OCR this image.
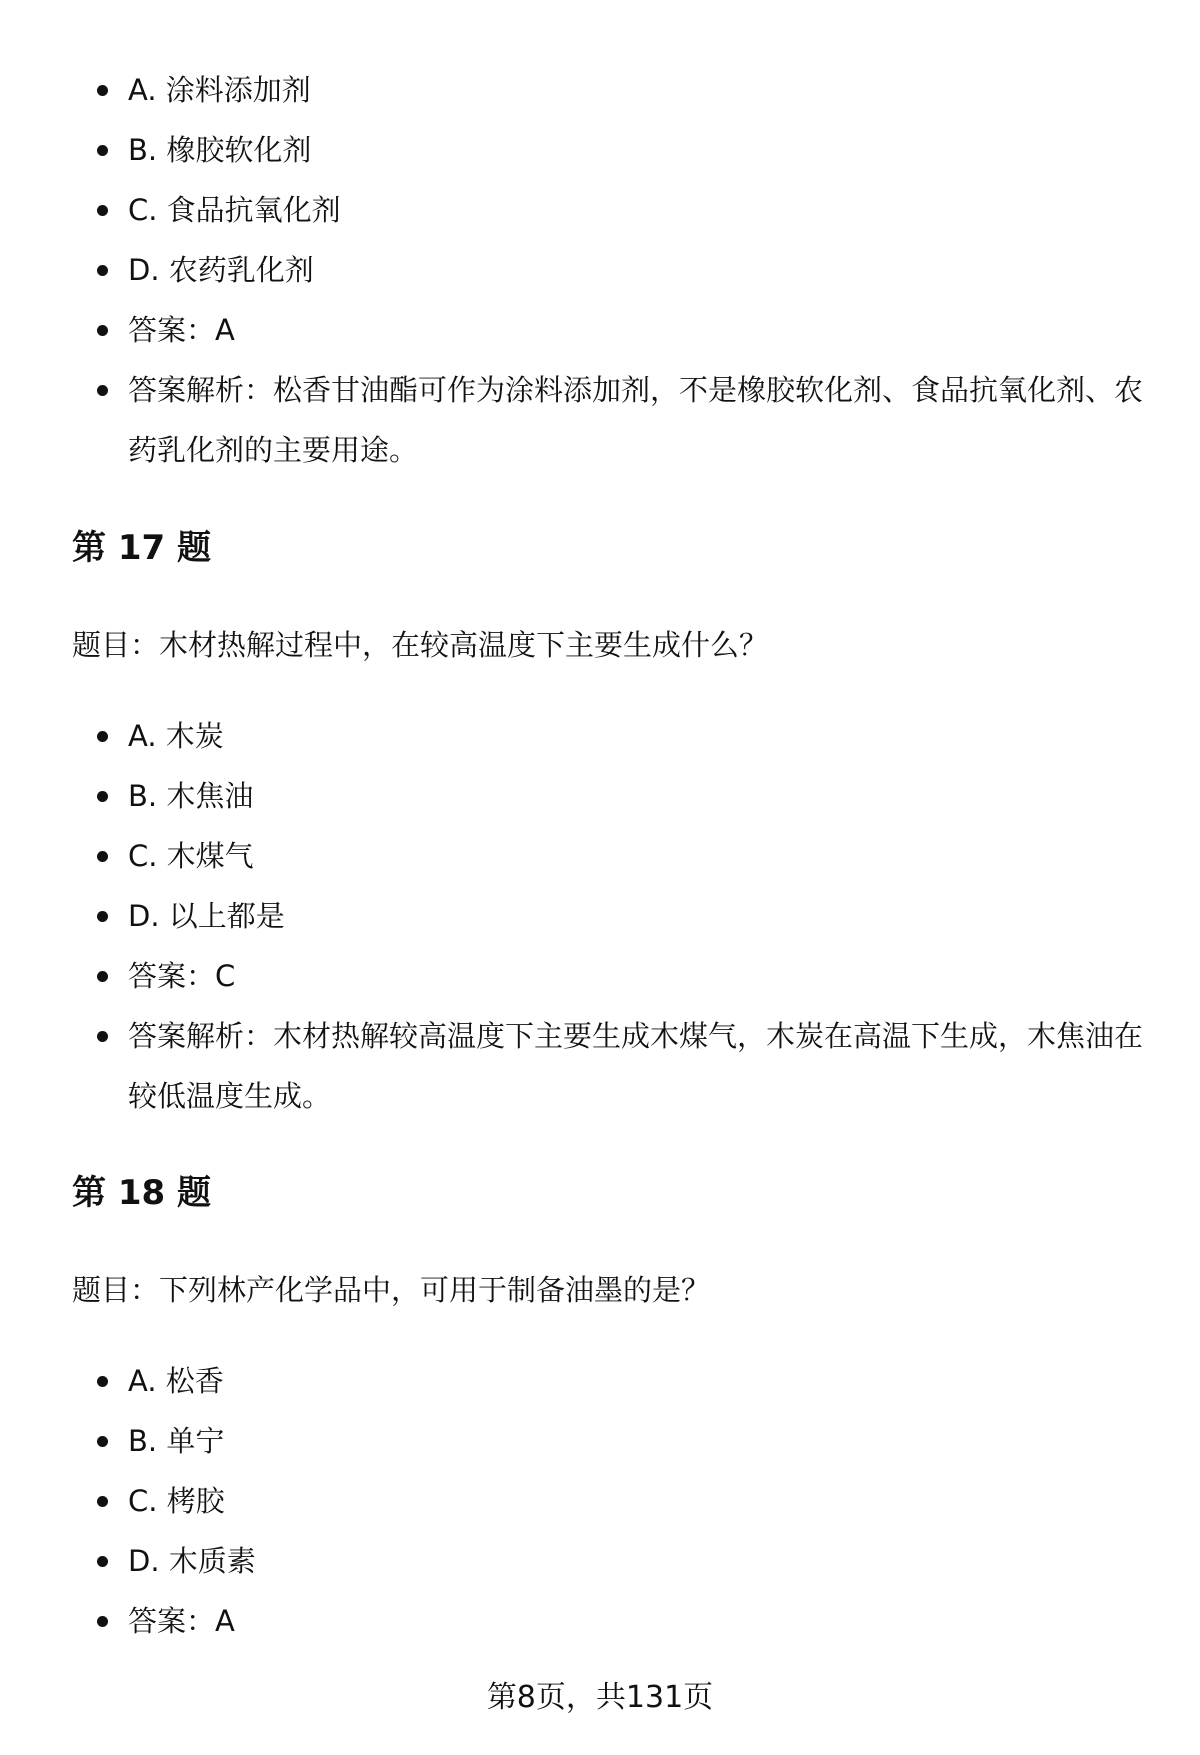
A. 涂料添加剂
B. 橡胶软化剂
C. 食品抗氧化剂
D. 农药乳化剂
答案：A
答案解析：松香甘油酯可作为涂料添加剂，不是橡胶软化剂、食品抗氧化剂、农药乳化剂的主要用途。
第 17 题

题目：木材热解过程中，在较高温度下主要生成什么？

A. 木炭
B. 木焦油
C. 木煤气
D. 以上都是
答案：C
答案解析：木材热解较高温度下主要生成木煤气，木炭在高温下生成，木焦油在较低温度生成。
第 18 题

题目：下列林产化学品中，可用于制备油墨的是？

A. 松香
B. 单宁
C. 栲胶
D. 木质素
答案：A
第8页，共131页
